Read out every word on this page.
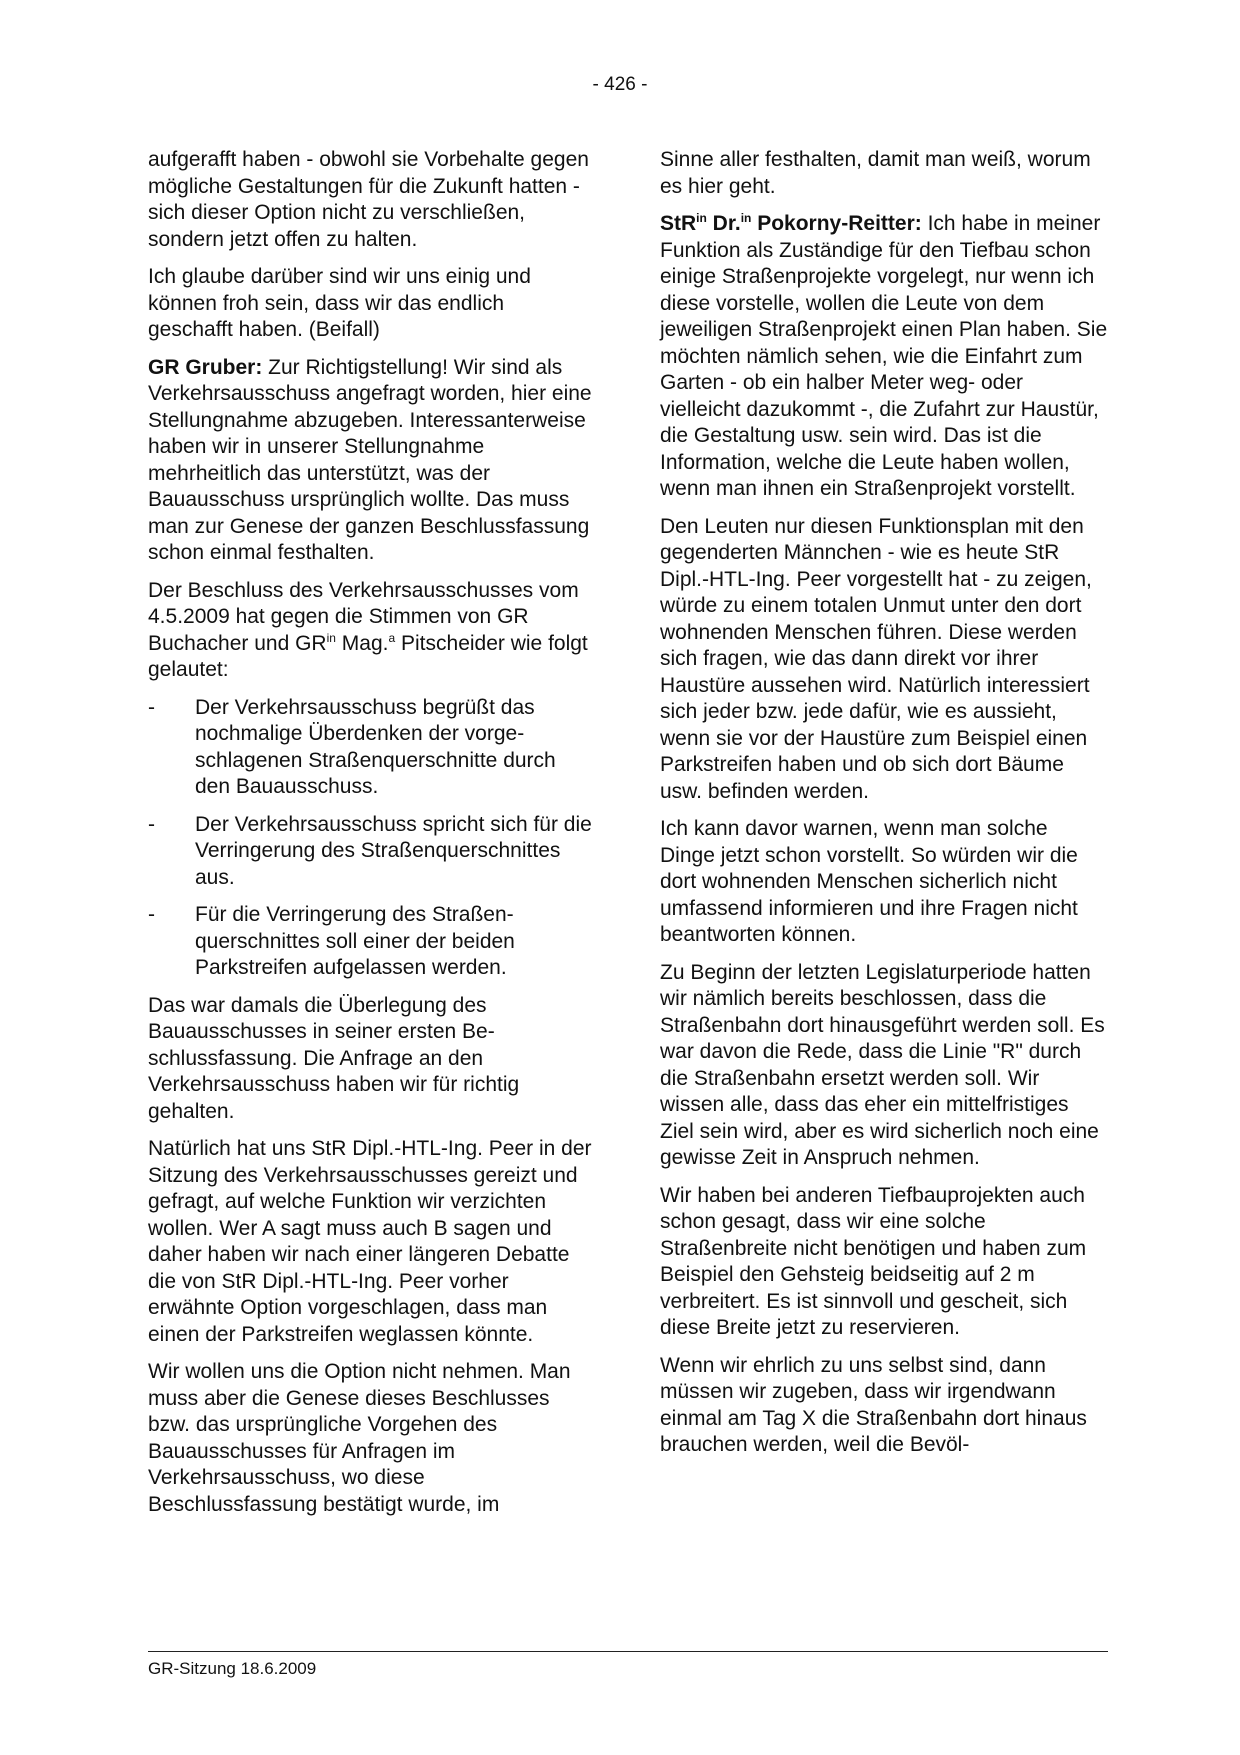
- 426 -

aufgerafft haben - obwohl sie Vorbehalte gegen mögliche Gestaltungen für die Zukunft hatten - sich dieser Option nicht zu verschließen, sondern jetzt offen zu halten.

Ich glaube darüber sind wir uns einig und können froh sein, dass wir das endlich geschafft haben. (Beifall)

GR Gruber: Zur Richtigstellung! Wir sind als Verkehrsausschuss angefragt worden, hier eine Stellungnahme abzugeben. Interessanterweise haben wir in unserer Stellungnahme mehrheitlich das unterstützt, was der Bauausschuss ursprünglich wollte. Das muss man zur Genese der ganzen Beschlussfassung schon einmal festhalten.

Der Beschluss des Verkehrsausschusses vom 4.5.2009 hat gegen die Stimmen von GR Buchacher und $GR^{in}$ Mag.$^a$ Pitscheider wie folgt gelautet:

-	Der Verkehrsausschuss begrüßt das nochmalige Überdenken der vorgeschlagenen Straßenquerschnitte durch den Bauausschuss.
-	Der Verkehrsausschuss spricht sich für die Verringerung des Straßenquerschnittes aus.
-	Für die Verringerung des Straßenquerschnittes soll einer der beiden Parkstreifen aufgelassen werden.

Das war damals die Überlegung des Bauausschusses in seiner ersten Beschlussfassung. Die Anfrage an den Verkehrsausschuss haben wir für richtig gehalten.

Natürlich hat uns StR Dipl.-HTL-Ing. Peer in der Sitzung des Verkehrsausschusses gereizt und gefragt, auf welche Funktion wir verzichten wollen. Wer A sagt muss auch B sagen und daher haben wir nach einer längeren Debatte die von StR Dipl.-HTL-Ing. Peer vorher erwähnte Option vorgeschlagen, dass man einen der Parkstreifen weglassen könnte.

Wir wollen uns die Option nicht nehmen. Man muss aber die Genese dieses Beschlusses bzw. das ursprüngliche Vorgehen des Bauausschusses für Anfragen im Verkehrsausschuss, wo diese Beschlussfassung bestätigt wurde, im

Sinne aller festhalten, damit man weiß, worum es hier geht.

StR$^{in}$ Dr.$^{in}$ Pokorny-Reitter: Ich habe in meiner Funktion als Zuständige für den Tiefbau schon einige Straßenprojekte vorgelegt, nur wenn ich diese vorstelle, wollen die Leute von dem jeweiligen Straßenprojekt einen Plan haben. Sie möchten nämlich sehen, wie die Einfahrt zum Garten - ob ein halber Meter weg- oder vielleicht dazukommt -, die Zufahrt zur Haustür, die Gestaltung usw. sein wird. Das ist die Information, welche die Leute haben wollen, wenn man ihnen ein Straßenprojekt vorstellt.

Den Leuten nur diesen Funktionsplan mit den gegenderten Männchen - wie es heute StR Dipl.-HTL-Ing. Peer vorgestellt hat - zu zeigen, würde zu einem totalen Unmut unter den dort wohnenden Menschen führen. Diese werden sich fragen, wie das dann direkt vor ihrer Haustüre aussehen wird. Natürlich interessiert sich jeder bzw. jede dafür, wie es aussieht, wenn sie vor der Haustüre zum Beispiel einen Parkstreifen haben und ob sich dort Bäume usw. befinden werden.

Ich kann davor warnen, wenn man solche Dinge jetzt schon vorstellt. So würden wir die dort wohnenden Menschen sicherlich nicht umfassend informieren und ihre Fragen nicht beantworten können.

Zu Beginn der letzten Legislaturperiode hatten wir nämlich bereits beschlossen, dass die Straßenbahn dort hinausgeführt werden soll. Es war davon die Rede, dass die Linie "R" durch die Straßenbahn ersetzt werden soll. Wir wissen alle, dass das eher ein mittelfristiges Ziel sein wird, aber es wird sicherlich noch eine gewisse Zeit in Anspruch nehmen.

Wir haben bei anderen Tiefbauprojekten auch schon gesagt, dass wir eine solche Straßenbreite nicht benötigen und haben zum Beispiel den Gehsteig beidseitig auf 2 m verbreitert. Es ist sinnvoll und gescheit, sich diese Breite jetzt zu reservieren.

Wenn wir ehrlich zu uns selbst sind, dann müssen wir zugeben, dass wir irgendwann einmal am Tag X die Straßenbahn dort hinaus brauchen werden, weil die Bevöl-

GR-Sitzung 18.6.2009
